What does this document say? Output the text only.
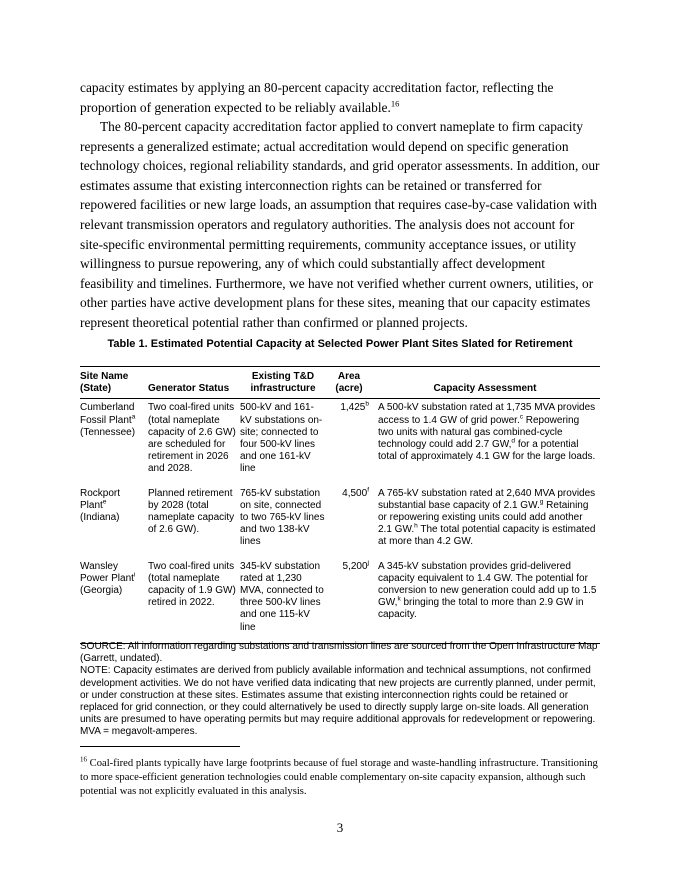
capacity estimates by applying an 80-percent capacity accreditation factor, reflecting the proportion of generation expected to be reliably available.$^{16}$

The 80-percent capacity accreditation factor applied to convert nameplate to firm capacity represents a generalized estimate; actual accreditation would depend on specific generation technology choices, regional reliability standards, and grid operator assessments. In addition, our estimates assume that existing interconnection rights can be retained or transferred for repowered facilities or new large loads, an assumption that requires case-by-case validation with relevant transmission operators and regulatory authorities. The analysis does not account for site-specific environmental permitting requirements, community acceptance issues, or utility willingness to pursue repowering, any of which could substantially affect development feasibility and timelines. Furthermore, we have not verified whether current owners, utilities, or other parties have active development plans for these sites, meaning that our capacity estimates represent theoretical potential rather than confirmed or planned projects.

Table 1. Estimated Potential Capacity at Selected Power Plant Sites Slated for Retirement
Site Name (State)	Generator Status	Existing T&D infrastructure	Area (acre)	Capacity Assessment
Cumberland Fossil Plant$^a$
(Tennessee)	Two coal-fired units (total nameplate capacity of 2.6 GW) are scheduled for retirement in 2026 and 2028.	500-kV and 161-kV substations on-site; connected to four 500-kV lines and one 161-kV line	1,425$^b$	A 500-kV substation rated at 1,735 MVA provides access to 1.4 GW of grid power.$^c$ Repowering two units with natural gas combined-cycle technology could add 2.7 GW,$^d$ for a potential total of approximately 4.1 GW for the large loads.
Rockport Plant$^e$
(Indiana)	Planned retirement by 2028 (total nameplate capacity of 2.6 GW).	765-kV substation on site, connected to two 765-kV lines and two 138-kV lines	4,500$^f$	A 765-kV substation rated at 2,640 MVA provides substantial base capacity of 2.1 GW.$^g$ Retaining or repowering existing units could add another 2.1 GW.$^h$ The total potential capacity is estimated at more than 4.2 GW.
Wansley Power Plant$^i$
(Georgia)	Two coal-fired units (total nameplate capacity of 1.9 GW) retired in 2022.	345-kV substation rated at 1,230 MVA, connected to three 500-kV lines and one 115-kV line	5,200$^j$	A 345-kV substation provides grid-delivered capacity equivalent to 1.4 GW. The potential for conversion to new generation could add up to 1.5 GW,$^k$ bringing the total to more than 2.9 GW in capacity.

SOURCE: All information regarding substations and transmission lines are sourced from the Open Infrastructure Map (Garrett, undated).

NOTE: Capacity estimates are derived from publicly available information and technical assumptions, not confirmed development activities. We do not have verified data indicating that new projects are currently planned, under permit, or under construction at these sites. Estimates assume that existing interconnection rights could be retained or replaced for grid connection, or they could alternatively be used to directly supply large on-site loads. All generation units are presumed to have operating permits but may require additional approvals for redevelopment or repowering. MVA = megavolt-amperes.

$^{16}$ Coal-fired plants typically have large footprints because of fuel storage and waste-handling infrastructure. Transitioning to more space-efficient generation technologies could enable complementary on-site capacity expansion, although such potential was not explicitly evaluated in this analysis.
3
